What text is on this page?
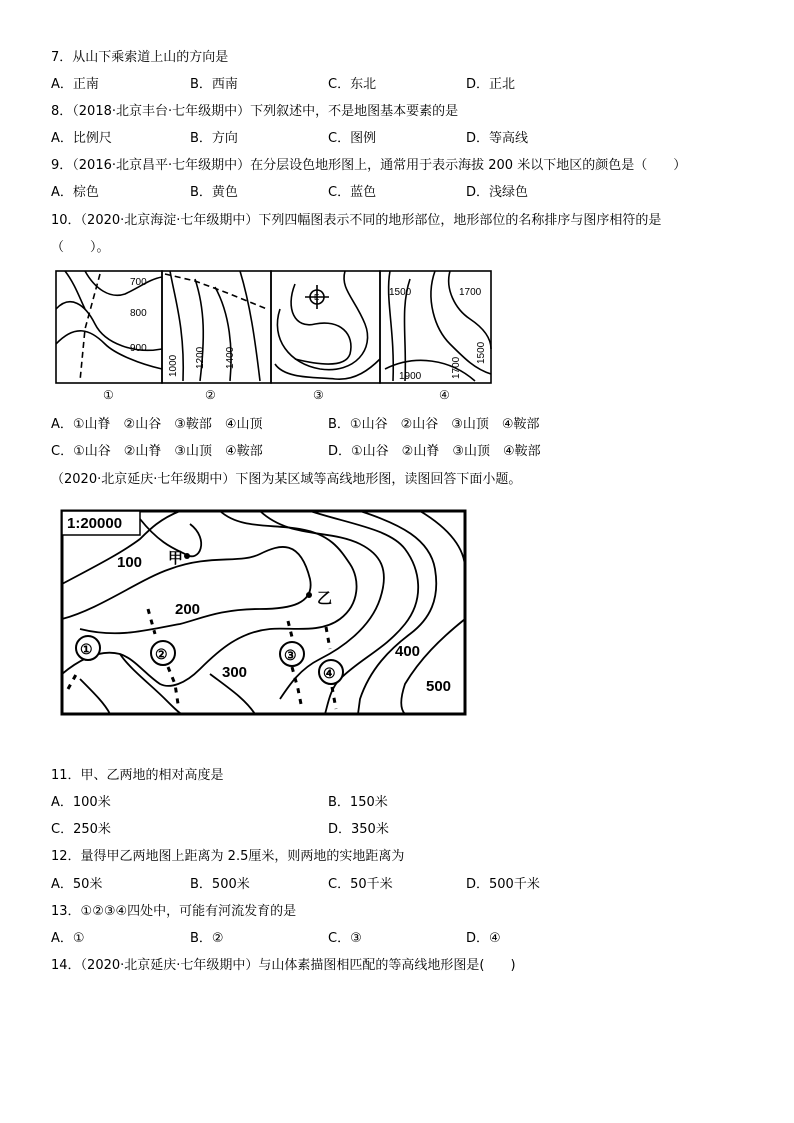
7．从山下乘索道上山的方向是
A．正南	B．西南	C．东北	D．正北
8．（2018·北京丰台·七年级期中）下列叙述中，不是地图基本要素的是
A．比例尺	B．方向	C．图例	D．等高线
9．（2016·北京昌平·七年级期中）在分层设色地形图上，通常用于表示海拔 200 米以下地区的颜色是（　　）
A．棕色	B．黄色	C．蓝色	D．浅绿色
10．（2020·北京海淀·七年级期中）下列四幅图表示不同的地形部位，地形部位的名称排序与图序相符的是
（　　）。
700
800
900
1000 1200 1400
E	1500	1700
1700
1500
1900
①	②	③	④
A．①山脊　②山谷　③鞍部　④山顶	B．①山谷　②山谷　③山顶　④鞍部
C．①山谷　②山脊　③山顶　④鞍部	D．①山谷　②山脊　③山顶　④鞍部
（2020·北京延庆·七年级期中）下图为某区域等高线地形图，读图回答下面小题。
1:20000
100
200
300
400
500
甲
乙
①	②	③
④
11．甲、乙两地的相对高度是
A．100米	B．150米
C．250米	D．350米
12．量得甲乙两地图上距离为 2.5厘米，则两地的实地距离为
A．50米	B．500米	C．50千米	D．500千米
13．①②③④四处中，可能有河流发育的是
A．①	B．②	C．③	D．④
14．（2020·北京延庆·七年级期中）与山体素描图相匹配的等高线地形图是(　　)
